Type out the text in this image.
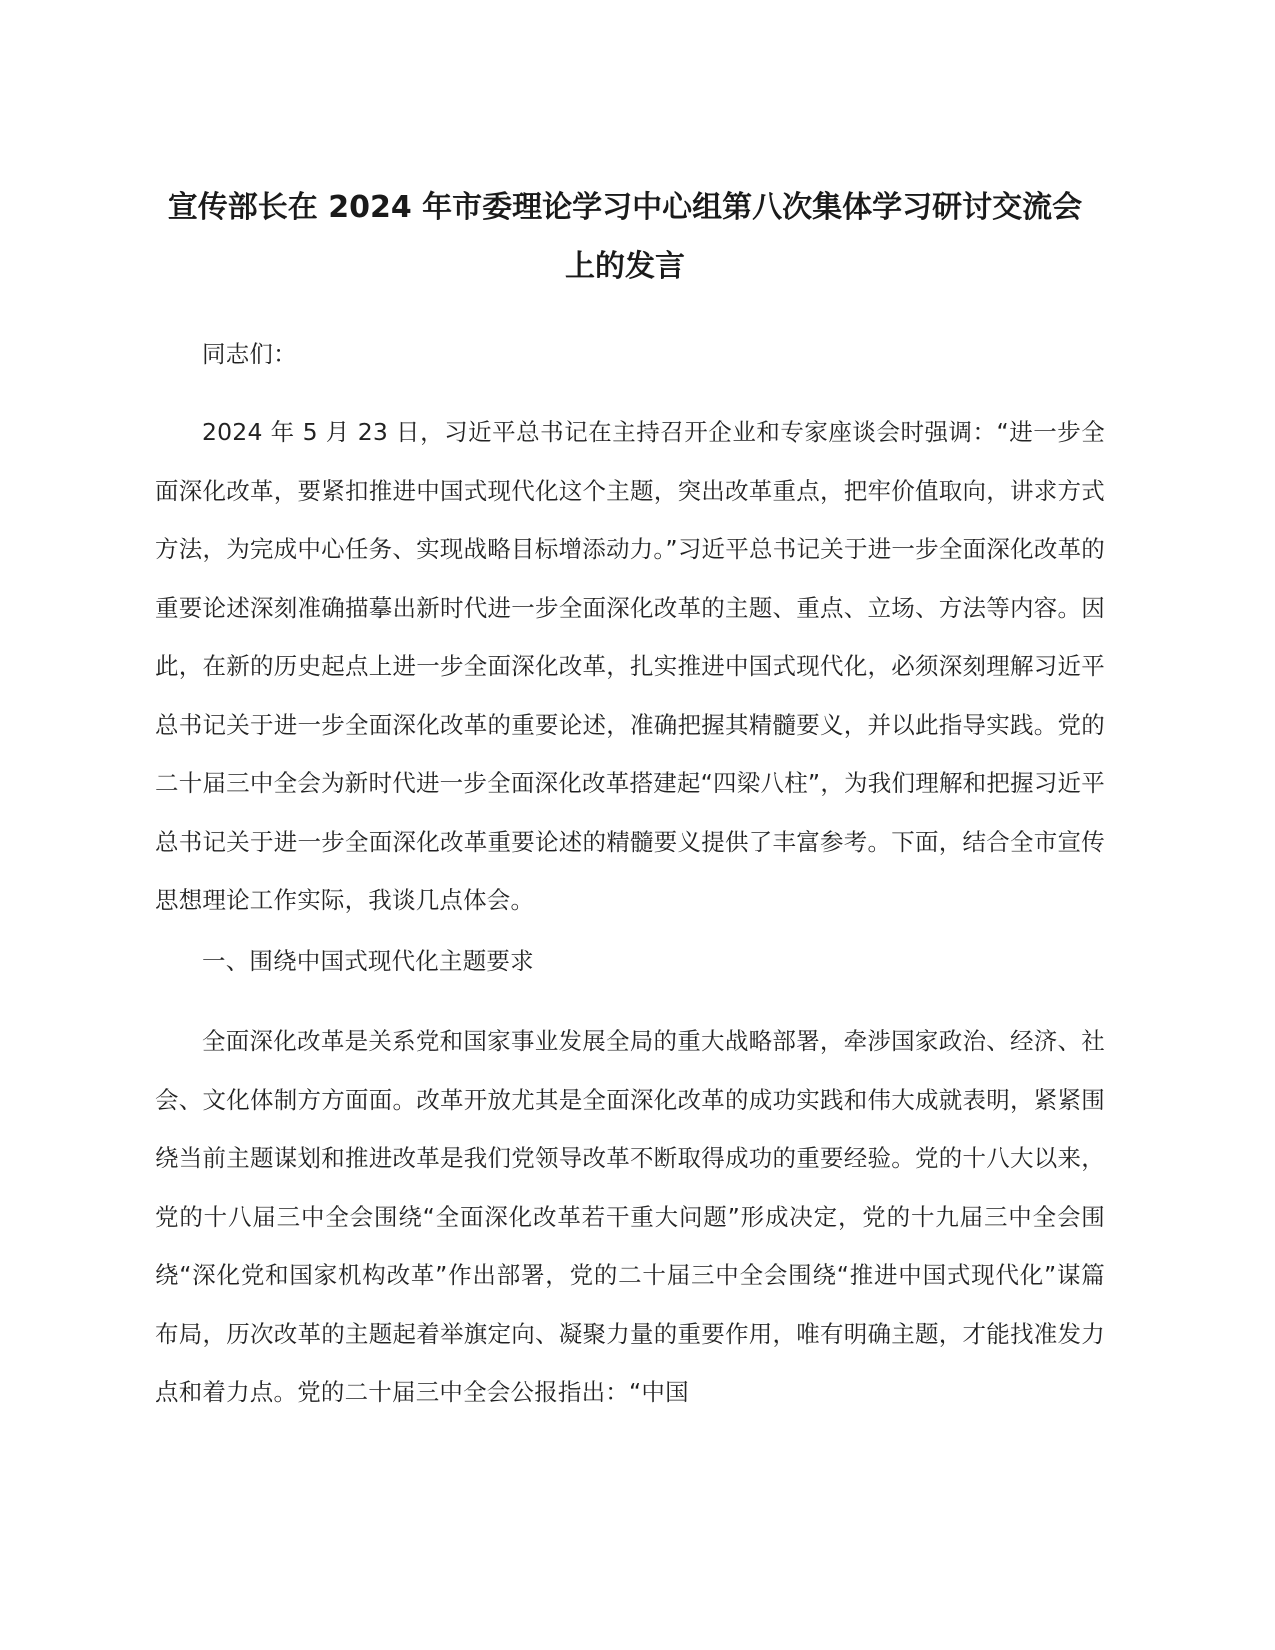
宣传部长在 2024 年市委理论学习中心组第八次集体学习研讨交流会
上的发言

同志们：

2024 年 5 月 23 日，习近平总书记在主持召开企业和专家座谈会时强调：“进一步全面深化改革，要紧扣推进中国式现代化这个主题，突出改革重点，把牢价值取向，讲求方式方法，为完成中心任务、实现战略目标增添动力。”习近平总书记关于进一步全面深化改革的重要论述深刻准确描摹出新时代进一步全面深化改革的主题、重点、立场、方法等内容。因此，在新的历史起点上进一步全面深化改革，扎实推进中国式现代化，必须深刻理解习近平总书记关于进一步全面深化改革的重要论述，准确把握其精髓要义，并以此指导实践。党的二十届三中全会为新时代进一步全面深化改革搭建起“四梁八柱”，为我们理解和把握习近平总书记关于进一步全面深化改革重要论述的精髓要义提供了丰富参考。下面，结合全市宣传思想理论工作实际，我谈几点体会。

一、围绕中国式现代化主题要求

全面深化改革是关系党和国家事业发展全局的重大战略部署，牵涉国家政治、经济、社会、文化体制方方面面。改革开放尤其是全面深化改革的成功实践和伟大成就表明，紧紧围绕当前主题谋划和推进改革是我们党领导改革不断取得成功的重要经验。党的十八大以来，党的十八届三中全会围绕“全面深化改革若干重大问题”形成决定，党的十九届三中全会围绕“深化党和国家机构改革”作出部署，党的二十届三中全会围绕“推进中国式现代化”谋篇布局，历次改革的主题起着举旗定向、凝聚力量的重要作用，唯有明确主题，才能找准发力点和着力点。党的二十届三中全会公报指出：“中国
